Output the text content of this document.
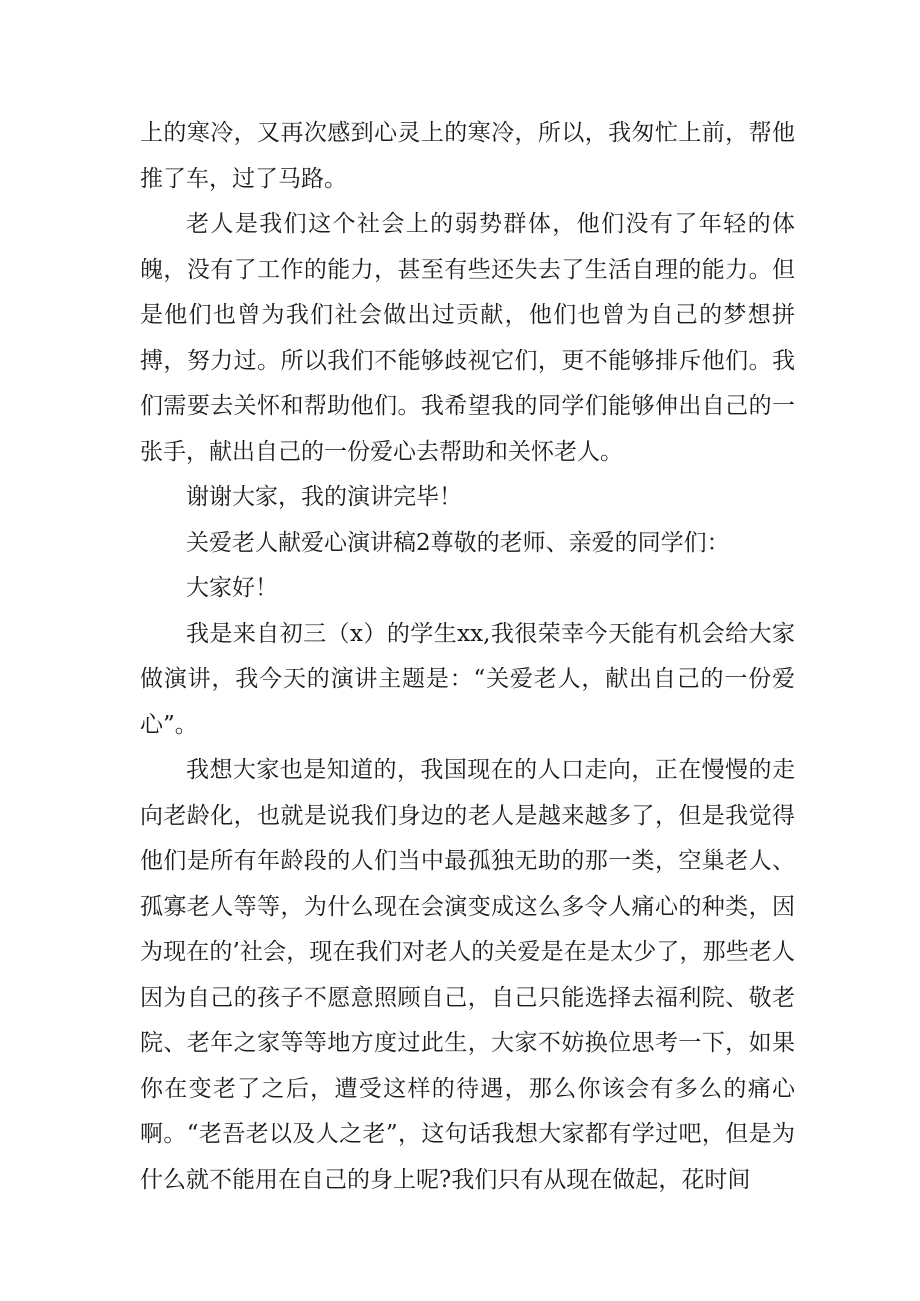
上的寒冷，又再次感到心灵上的寒冷，所以，我匆忙上前，帮他推了车，过了马路。

老人是我们这个社会上的弱势群体，他们没有了年轻的体魄，没有了工作的能力，甚至有些还失去了生活自理的能力。但是他们也曾为我们社会做出过贡献，他们也曾为自己的梦想拼搏，努力过。所以我们不能够歧视它们，更不能够排斥他们。我们需要去关怀和帮助他们。我希望我的同学们能够伸出自己的一张手，献出自己的一份爱心去帮助和关怀老人。

谢谢大家，我的演讲完毕！

关爱老人献爱心演讲稿2尊敬的老师、亲爱的同学们：

大家好！

我是来自初三（x）的学生xx,我很荣幸今天能有机会给大家做演讲，我今天的演讲主题是：“关爱老人，献出自己的一份爱心”。

我想大家也是知道的，我国现在的人口走向，正在慢慢的走向老龄化，也就是说我们身边的老人是越来越多了，但是我觉得他们是所有年龄段的人们当中最孤独无助的那一类，空巢老人、孤寡老人等等，为什么现在会演变成这么多令人痛心的种类，因为现在的’社会，现在我们对老人的关爱是在是太少了，那些老人因为自己的孩子不愿意照顾自己，自己只能选择去福利院、敬老院、老年之家等等地方度过此生，大家不妨换位思考一下，如果你在变老了之后，遭受这样的待遇，那么你该会有多么的痛心啊。“老吾老以及人之老”，这句话我想大家都有学过吧，但是为什么就不能用在自己的身上呢?我们只有从现在做起，花时间
